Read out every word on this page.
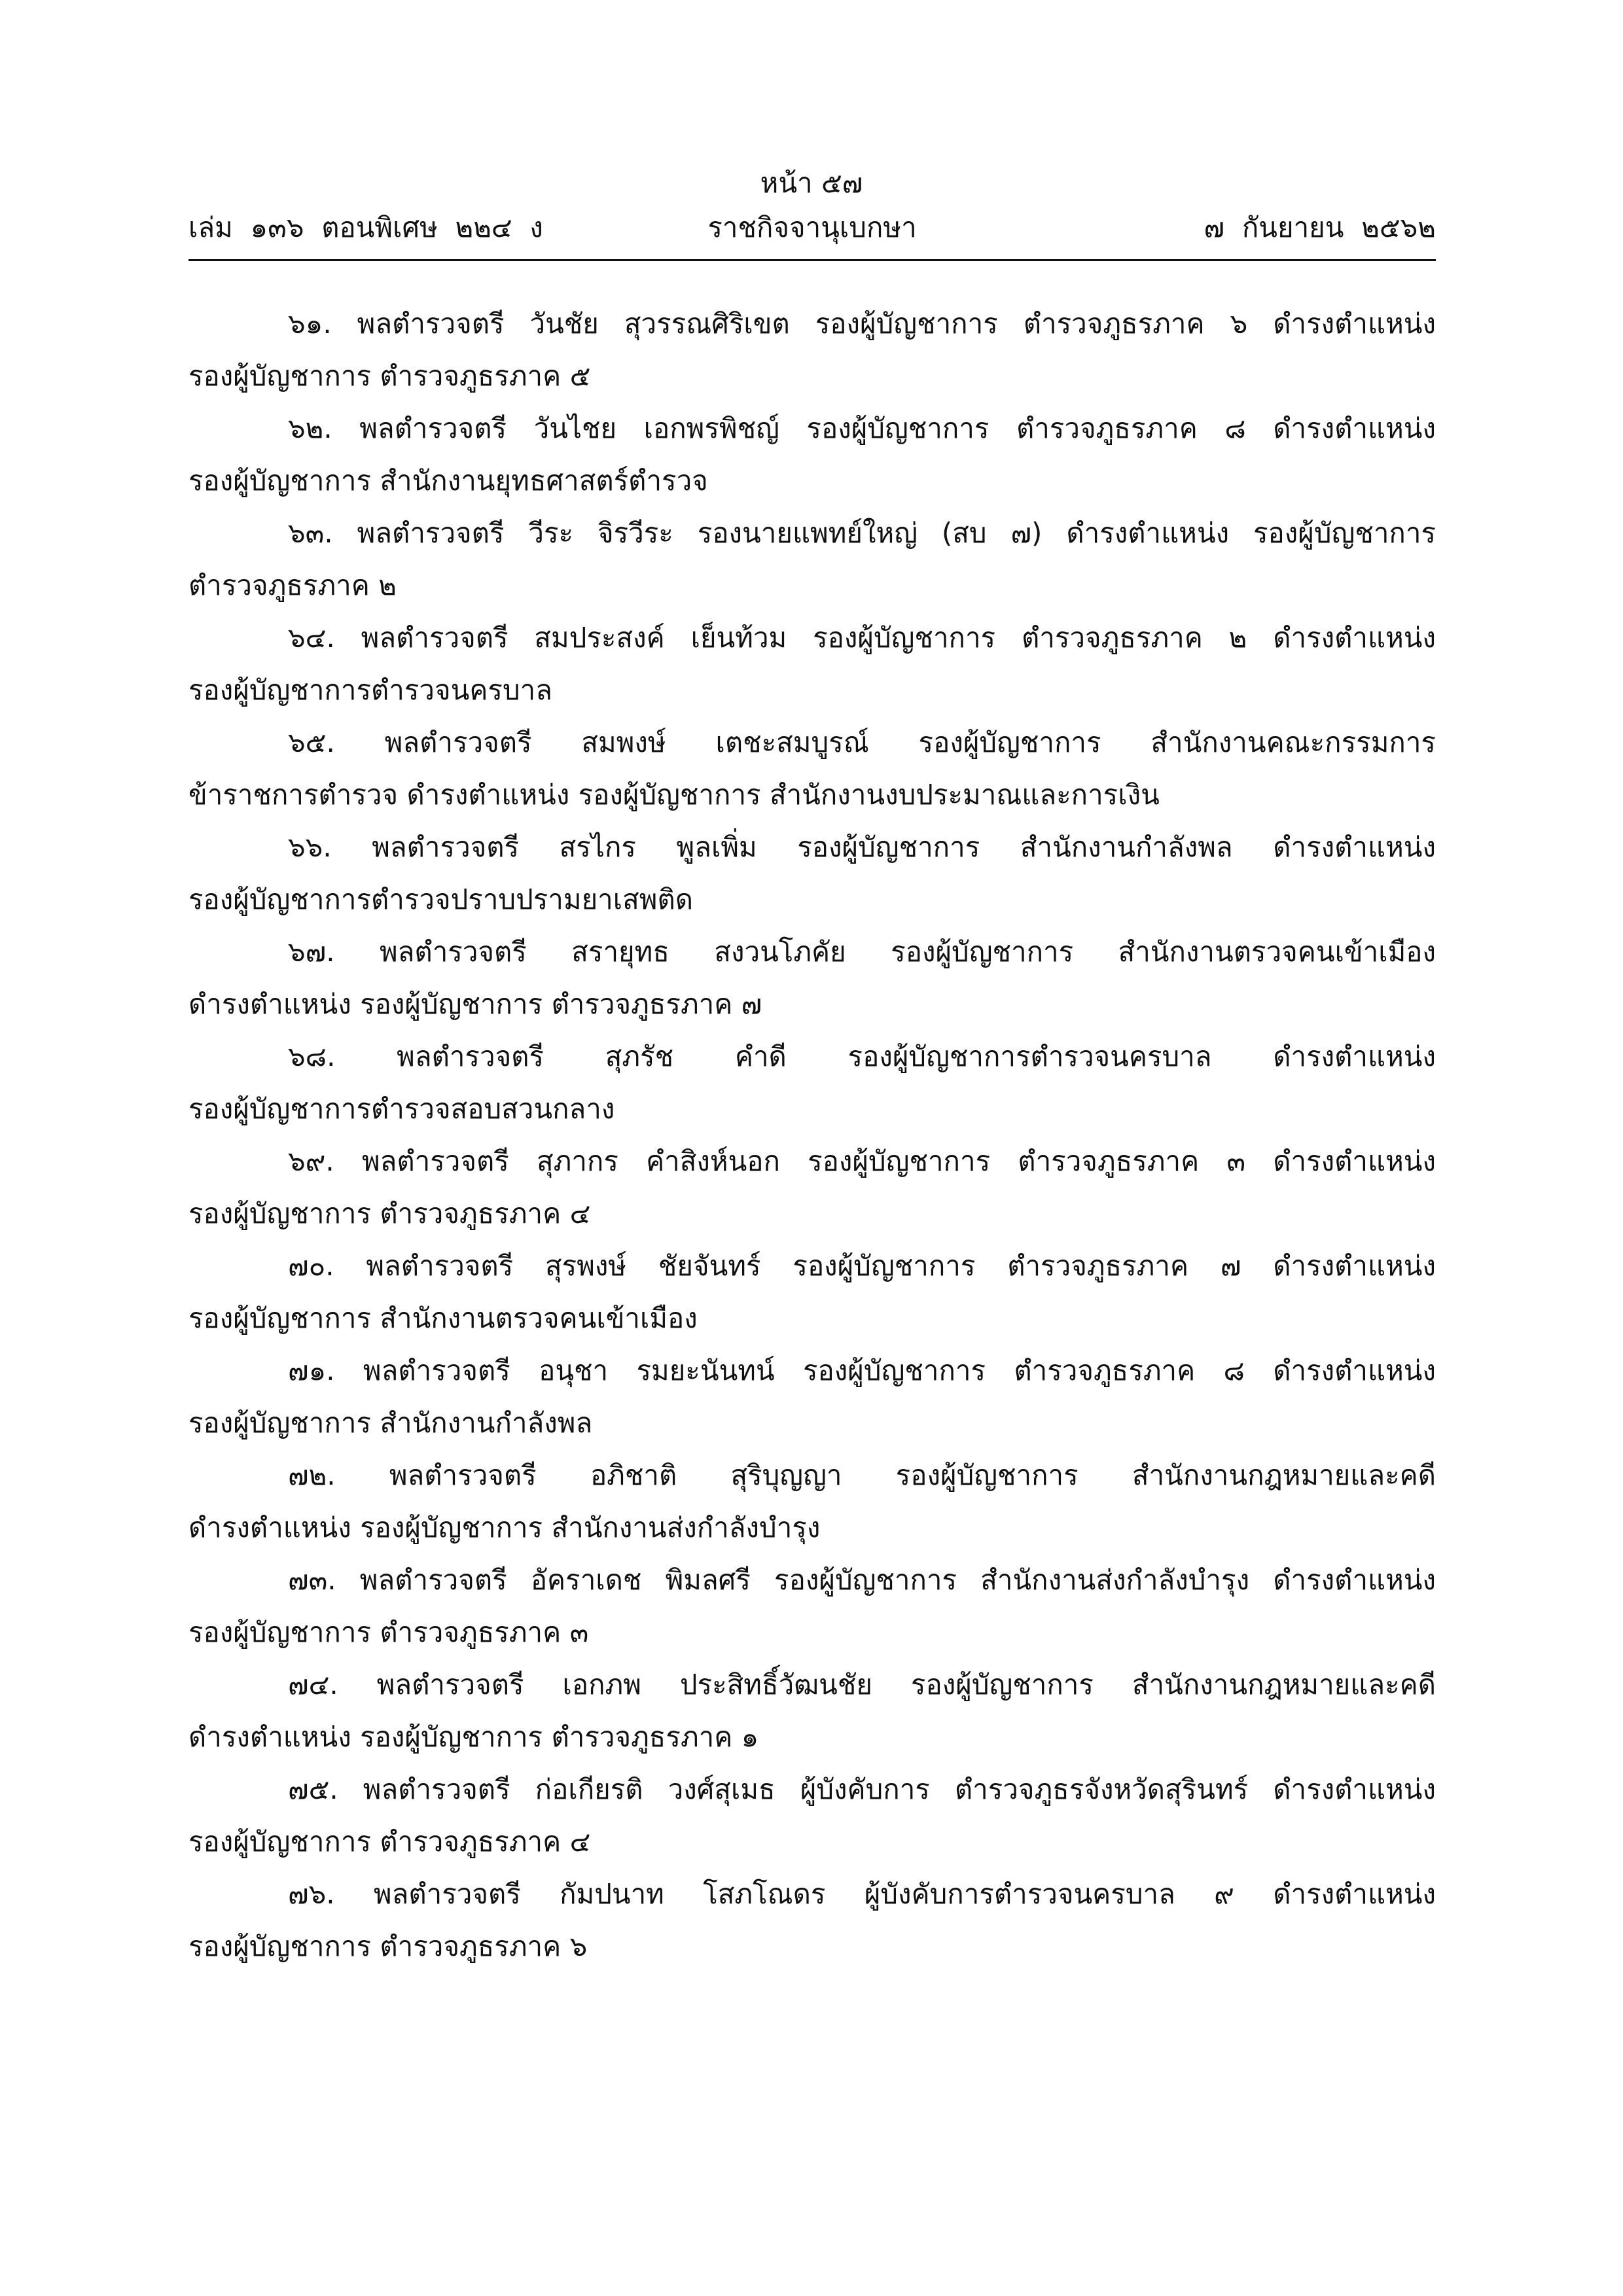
หน้า ๕๗
เล่ม  ๑๓๖  ตอนพิเศษ  ๒๒๔  ง	ราชกิจจานุเบกษา	๗  กันยายน  ๒๕๖๒
๖๑. พลตำรวจตรี วันชัย สุวรรณศิริเขต รองผู้บัญชาการ ตำรวจภูธรภาค ๖ ดำรงตำแหน่ง
รองผู้บัญชาการ ตำรวจภูธรภาค ๕
๖๒. พลตำรวจตรี วันไชย เอกพรพิชญ์ รองผู้บัญชาการ ตำรวจภูธรภาค ๘ ดำรงตำแหน่ง
รองผู้บัญชาการ สำนักงานยุทธศาสตร์ตำรวจ
๖๓. พลตำรวจตรี วีระ จิรวีระ รองนายแพทย์ใหญ่ (สบ ๗) ดำรงตำแหน่ง รองผู้บัญชาการ
ตำรวจภูธรภาค ๒
๖๔. พลตำรวจตรี สมประสงค์ เย็นท้วม รองผู้บัญชาการ ตำรวจภูธรภาค ๒ ดำรงตำแหน่ง
รองผู้บัญชาการตำรวจนครบาล
๖๕. พลตำรวจตรี สมพงษ์ เตชะสมบูรณ์ รองผู้บัญชาการ สำนักงานคณะกรรมการ
ข้าราชการตำรวจ ดำรงตำแหน่ง รองผู้บัญชาการ สำนักงานงบประมาณและการเงิน
๖๖. พลตำรวจตรี สรไกร พูลเพิ่ม รองผู้บัญชาการ สำนักงานกำลังพล ดำรงตำแหน่ง
รองผู้บัญชาการตำรวจปราบปรามยาเสพติด
๖๗. พลตำรวจตรี สรายุทธ สงวนโภคัย รองผู้บัญชาการ สำนักงานตรวจคนเข้าเมือง
ดำรงตำแหน่ง รองผู้บัญชาการ ตำรวจภูธรภาค ๗
๖๘. พลตำรวจตรี สุภรัช คำดี รองผู้บัญชาการตำรวจนครบาล ดำรงตำแหน่ง
รองผู้บัญชาการตำรวจสอบสวนกลาง
๖๙. พลตำรวจตรี สุภากร คำสิงห์นอก รองผู้บัญชาการ ตำรวจภูธรภาค ๓ ดำรงตำแหน่ง
รองผู้บัญชาการ ตำรวจภูธรภาค ๔
๗๐. พลตำรวจตรี สุรพงษ์ ชัยจันทร์ รองผู้บัญชาการ ตำรวจภูธรภาค ๗ ดำรงตำแหน่ง
รองผู้บัญชาการ สำนักงานตรวจคนเข้าเมือง
๗๑. พลตำรวจตรี อนุชา รมยะนันทน์ รองผู้บัญชาการ ตำรวจภูธรภาค ๘ ดำรงตำแหน่ง
รองผู้บัญชาการ สำนักงานกำลังพล
๗๒. พลตำรวจตรี อภิชาติ สุริบุญญา รองผู้บัญชาการ สำนักงานกฎหมายและคดี
ดำรงตำแหน่ง รองผู้บัญชาการ สำนักงานส่งกำลังบำรุง
๗๓. พลตำรวจตรี อัคราเดช พิมลศรี รองผู้บัญชาการ สำนักงานส่งกำลังบำรุง ดำรงตำแหน่ง
รองผู้บัญชาการ ตำรวจภูธรภาค ๓
๗๔. พลตำรวจตรี เอกภพ ประสิทธิ์วัฒนชัย รองผู้บัญชาการ สำนักงานกฎหมายและคดี
ดำรงตำแหน่ง รองผู้บัญชาการ ตำรวจภูธรภาค ๑
๗๕. พลตำรวจตรี ก่อเกียรติ วงศ์สุเมธ ผู้บังคับการ ตำรวจภูธรจังหวัดสุรินทร์ ดำรงตำแหน่ง
รองผู้บัญชาการ ตำรวจภูธรภาค ๔
๗๖. พลตำรวจตรี กัมปนาท โสภโณดร ผู้บังคับการตำรวจนครบาล ๙ ดำรงตำแหน่ง
รองผู้บัญชาการ ตำรวจภูธรภาค ๖
